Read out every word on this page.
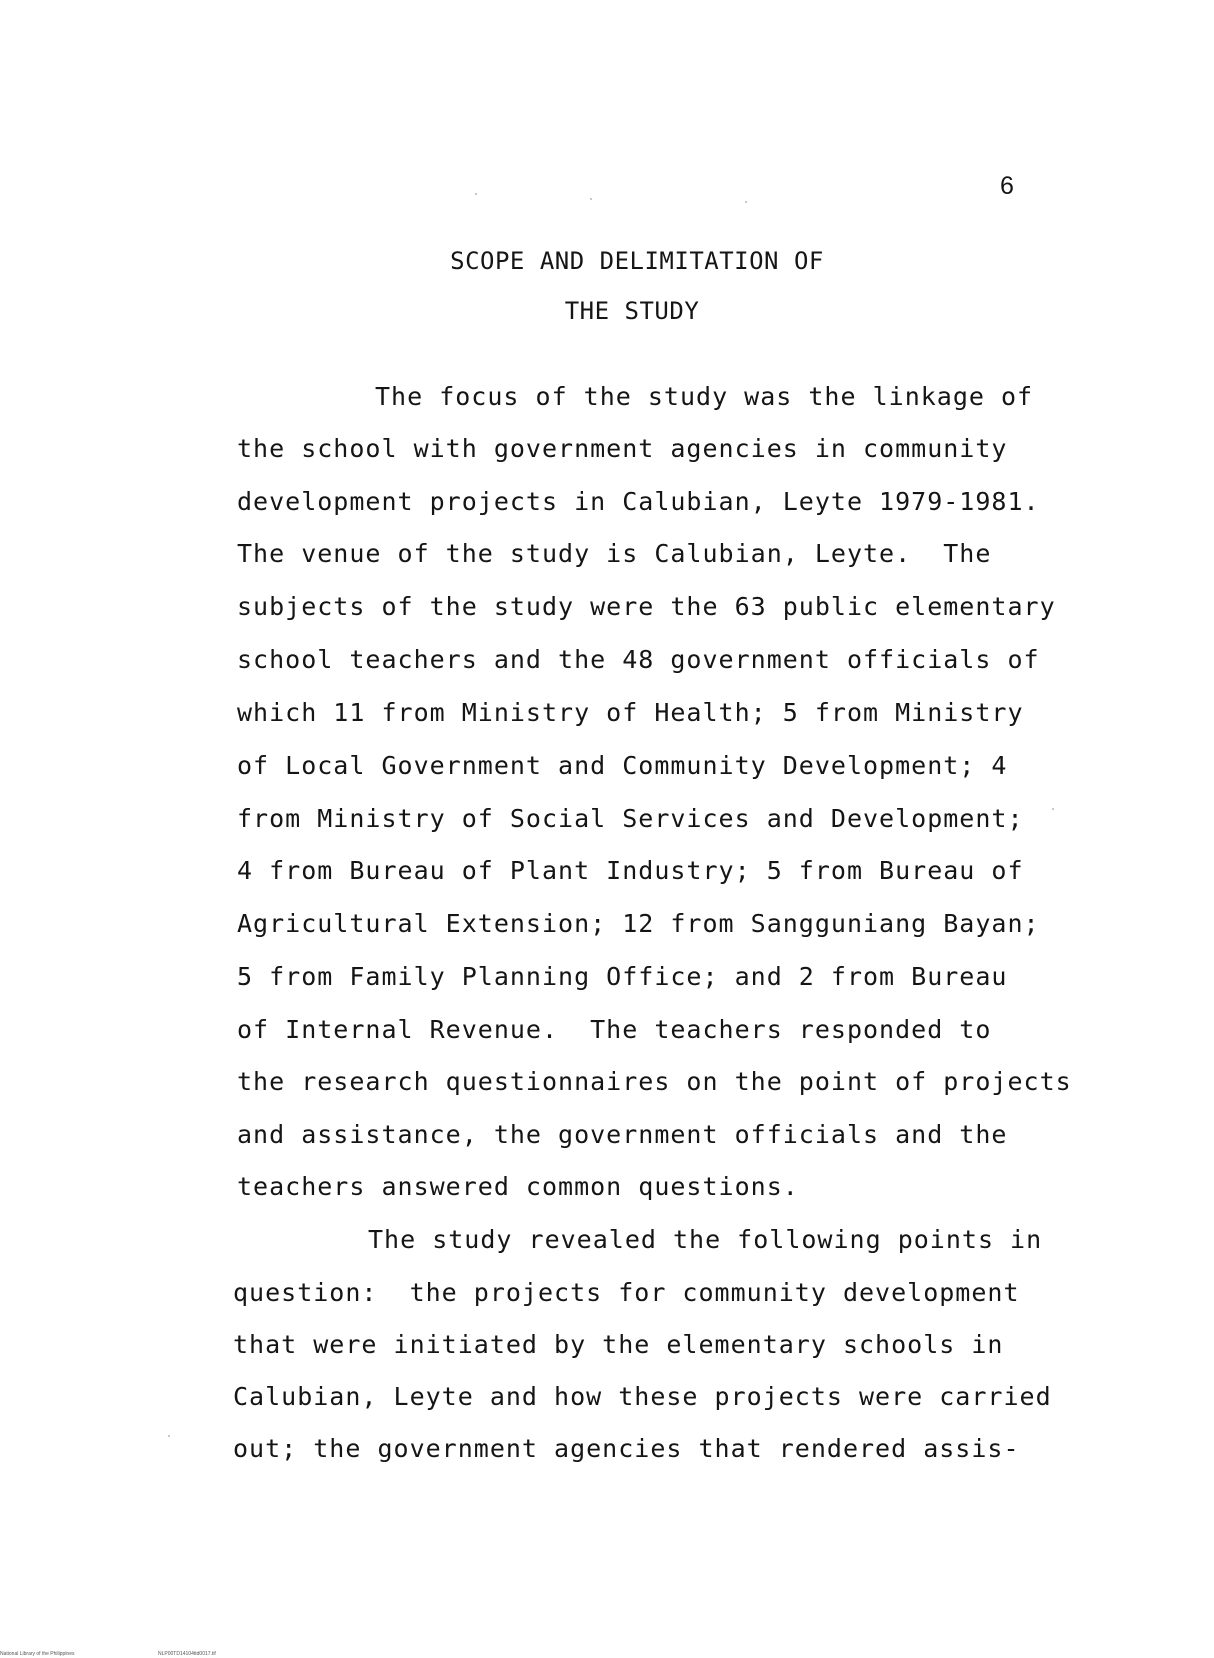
6
SCOPE AND DELIMITATION OF
THE STUDY
The focus of the study was the linkage of
the school with government agencies in community
development projects in Calubian, Leyte 1979-1981.
The venue of the study is Calubian, Leyte.  The
subjects of the study were the 63 public elementary
school teachers and the 48 government officials of
which 11 from Ministry of Health; 5 from Ministry
of Local Government and Community Development; 4
from Ministry of Social Services and Development;
4 from Bureau of Plant Industry; 5 from Bureau of
Agricultural Extension; 12 from Sangguniang Bayan;
5 from Family Planning Office; and 2 from Bureau
of Internal Revenue.  The teachers responded to
the research questionnaires on the point of projects
and assistance, the government officials and the
teachers answered common questions.
The study revealed the following points in
question:  the projects for community development
that were initiated by the elementary schools in
Calubian, Leyte and how these projects were carried
out; the government agencies that rendered assis-
National Library of the Philippines	NLP00TD14104ttd0017.tif
